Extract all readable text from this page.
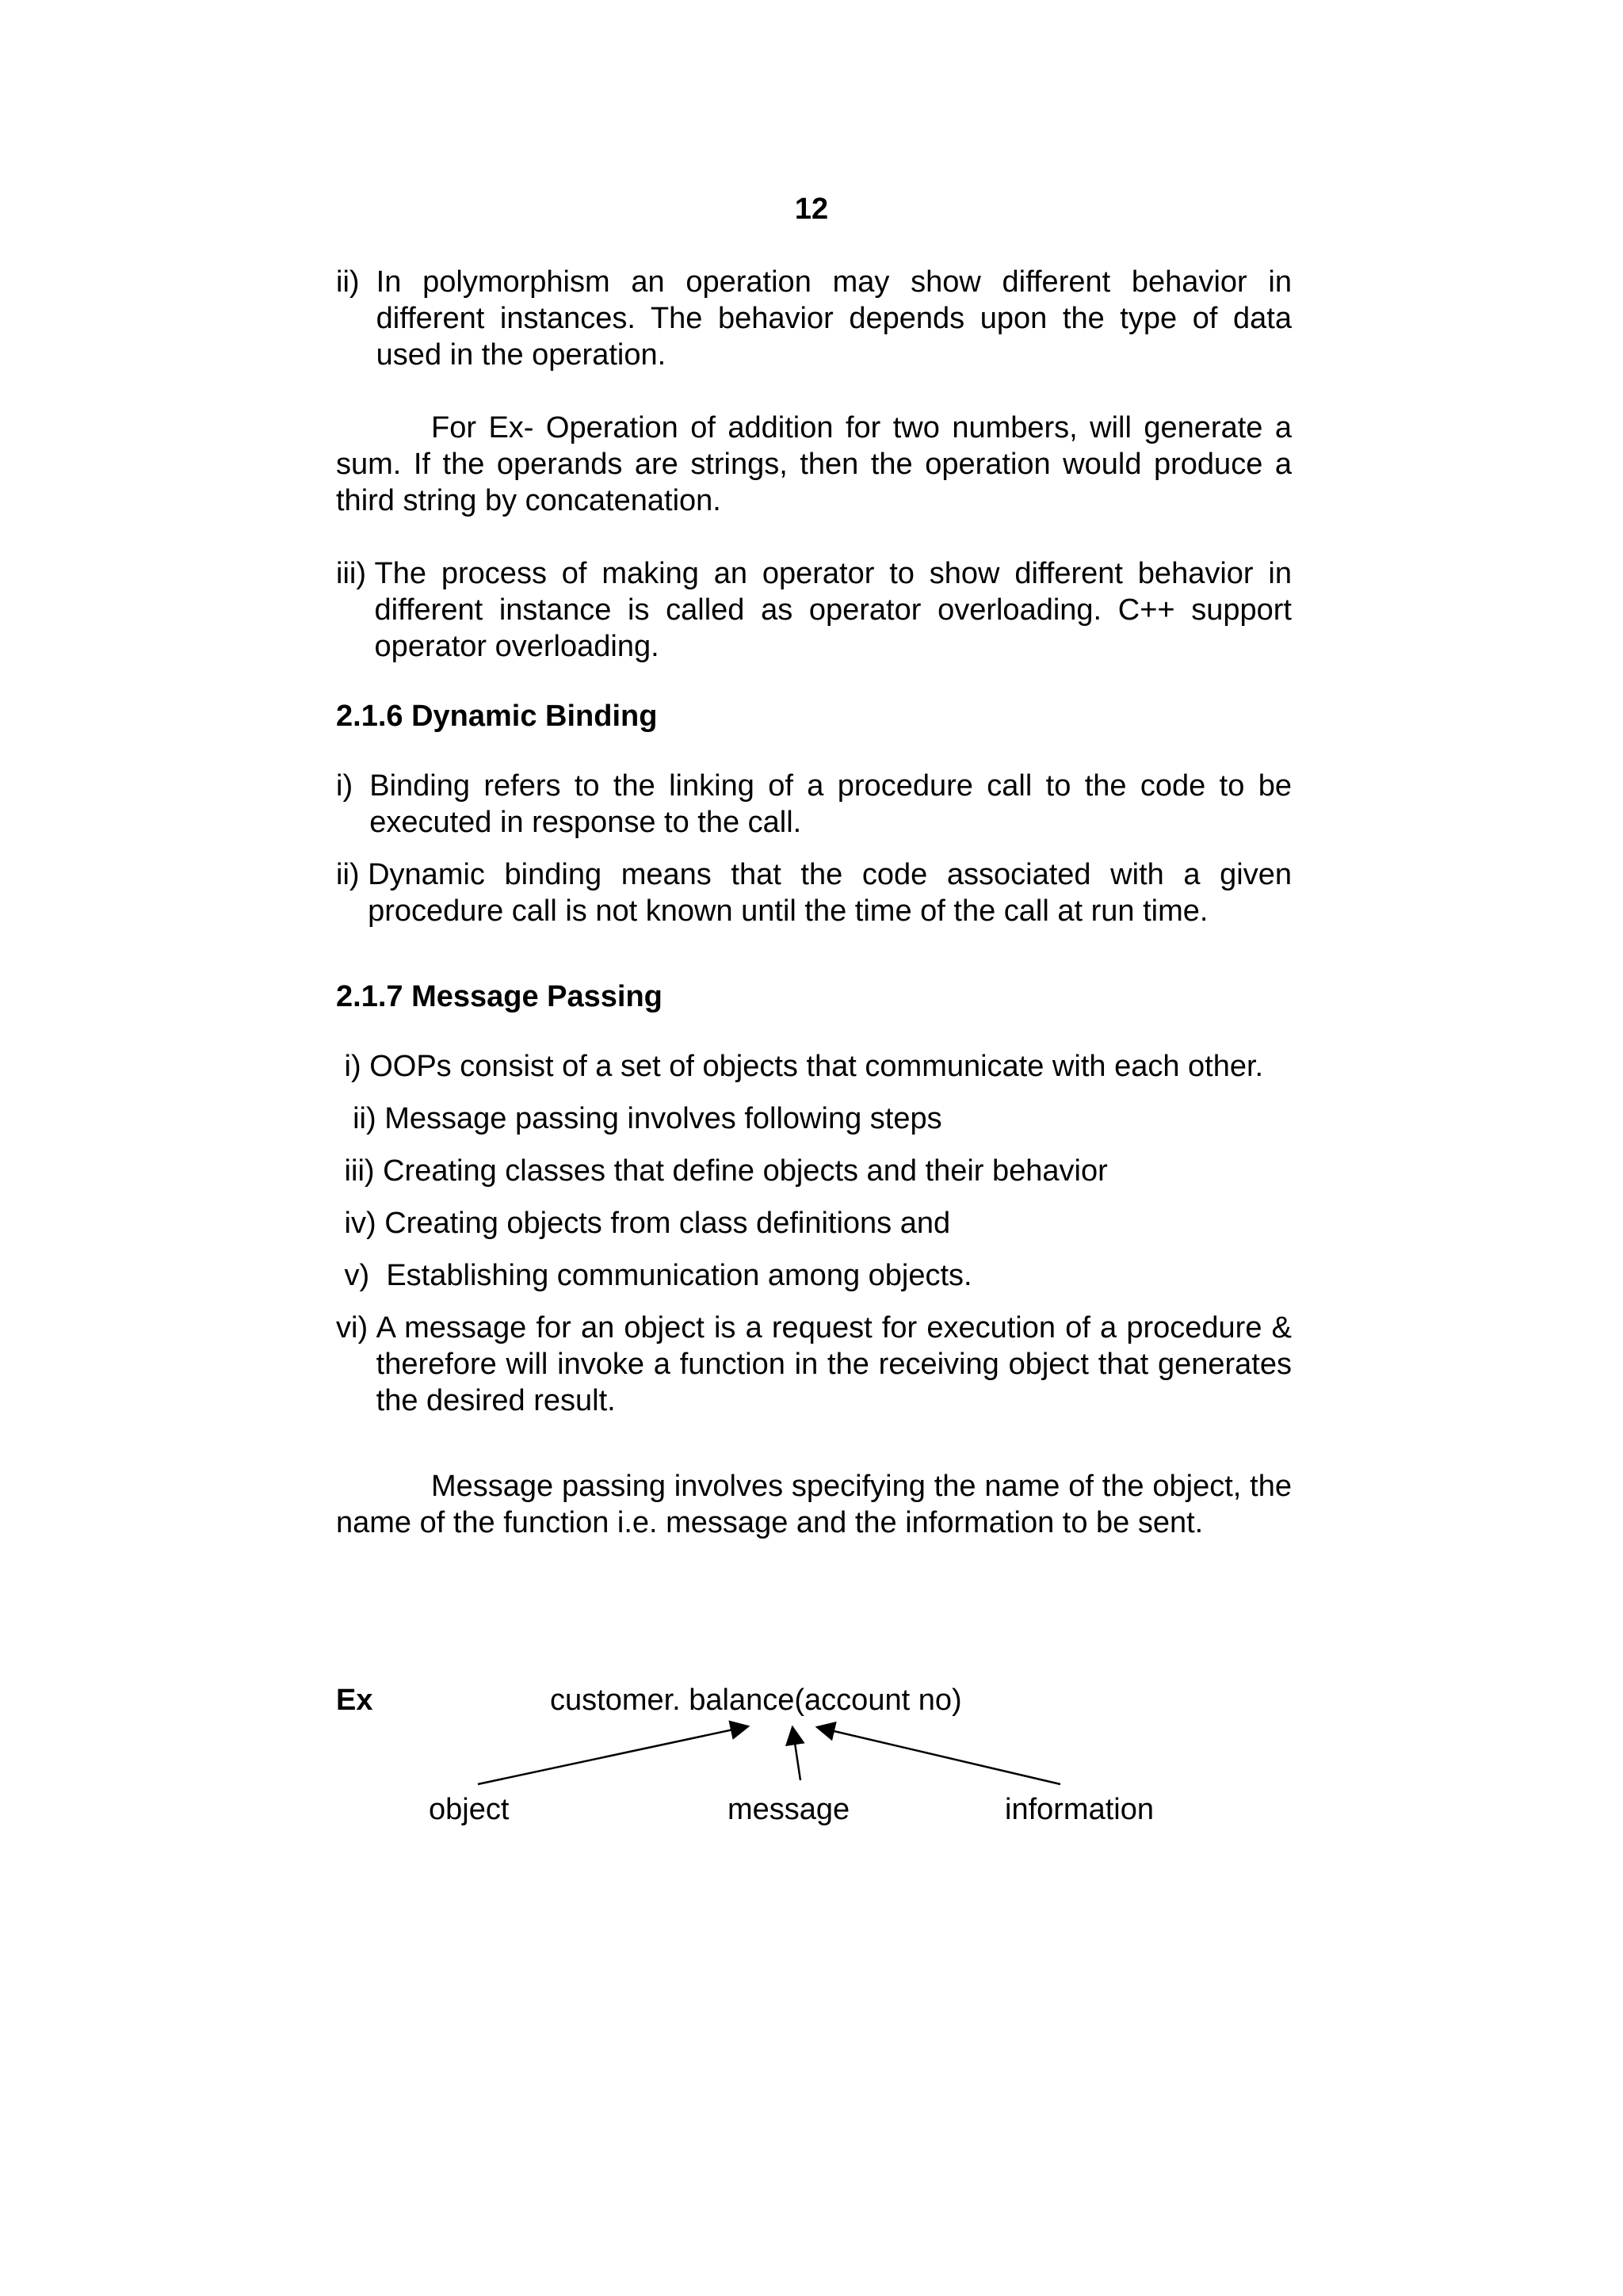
12
ii)
In polymorphism an operation may show different behavior in different instances. The behavior depends upon the type of data used in the operation.

For Ex- Operation of addition for two numbers, will generate a sum. If the operands are strings, then the operation would produce a third string by concatenation.

iii)
The process of making an operator to show different behavior in different instance is called as operator overloading. C++ support operator overloading.
2.1.6 Dynamic Binding
i) Binding refers to the linking of a procedure call to the code to be executed in response to the call.
ii) Dynamic binding means that the code associated with a given procedure call is not known until the time of the call at run time.
2.1.7 Message Passing
i) OOPs consist of a set of objects that communicate with each other.
ii) Message passing involves following steps
iii) Creating classes that define objects and their behavior
iv) Creating objects from class definitions and
v) Establishing communication among objects.
vi) A message for an object is a request for execution of a procedure & therefore will invoke a function in the receiving object that generates the desired result.

Message passing involves specifying the name of the object, the name of the function i.e. message and the information to be sent.

Ex	customer. balance(account no)
object	message	information
